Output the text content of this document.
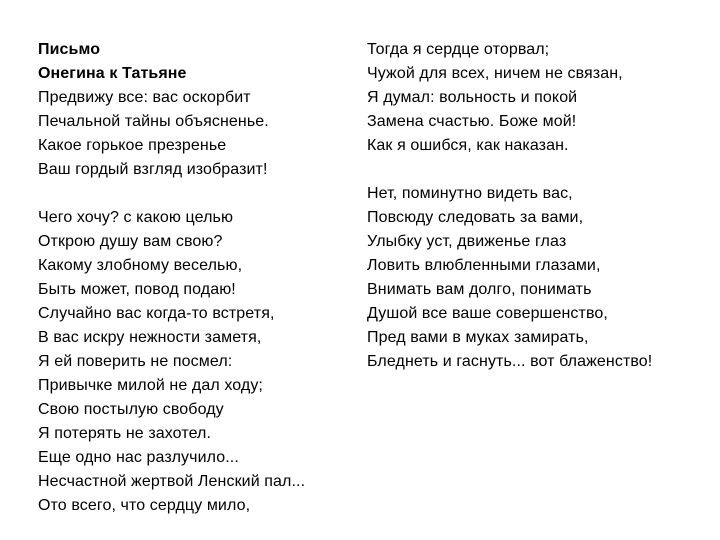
Письмо
Онегина к Татьяне
Предвижу все: вас оскорбит
Печальной тайны объясненье.
Какое горькое презренье
Ваш гордый взгляд изобразит!
Чего хочу? с какою целью
Открою душу вам свою?
Какому злобному веселью,
Быть может, повод подаю!
Случайно вас когда-то встретя,
В вас искру нежности заметя,
Я ей поверить не посмел:
Привычке милой не дал ходу;
Свою постылую свободу
Я потерять не захотел.
Еще одно нас разлучило...
Несчастной жертвой Ленский пал...
Ото всего, что сердцу мило,
Тогда я сердце оторвал;
Чужой для всех, ничем не связан,
Я думал: вольность и покой
Замена счастью. Боже мой!
Как я ошибся, как наказан.
Нет, поминутно видеть вас,
Повсюду следовать за вами,
Улыбку уст, движенье глаз
Ловить влюбленными глазами,
Внимать вам долго, понимать
Душой все ваше совершенство,
Пред вами в муках замирать,
Бледнеть и гаснуть... вот блаженство!
